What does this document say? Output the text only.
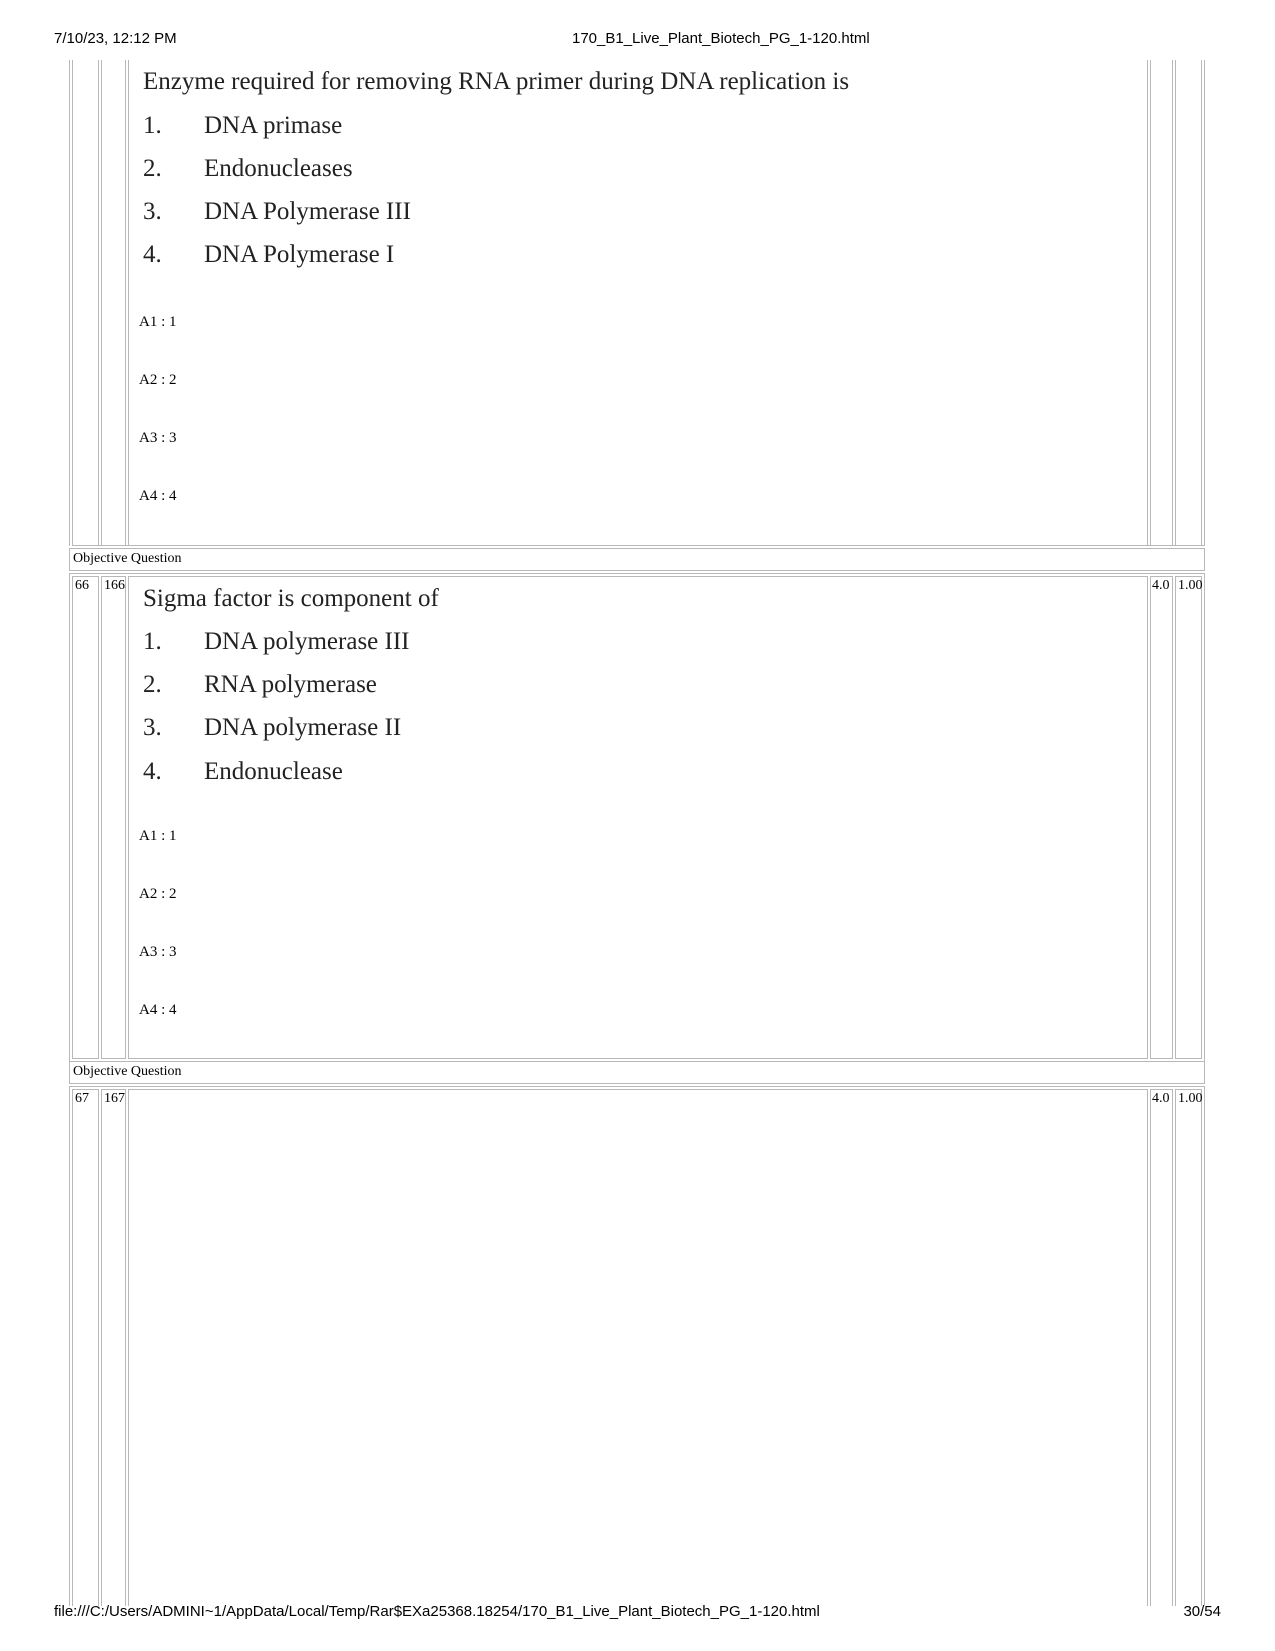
7/10/23, 12:12 PM	170_B1_Live_Plant_Biotech_PG_1-120.html
file:///C:/Users/ADMINI~1/AppData/Local/Temp/Rar$EXa25368.18254/170_B1_Live_Plant_Biotech_PG_1-120.html	30/54
Enzyme required for removing RNA primer during DNA replication is
1. DNA primase
2. Endonucleases
3. DNA Polymerase III
4. DNA Polymerase I
A1 : 1
A2 : 2
A3 : 3
A4 : 4
Objective Question
66 166	4.0 1.00
Sigma factor is component of
1. DNA polymerase III
2. RNA polymerase
3. DNA polymerase II
4. Endonuclease
A1 : 1
A2 : 2
A3 : 3
A4 : 4
Objective Question
67 167	4.0 1.00
